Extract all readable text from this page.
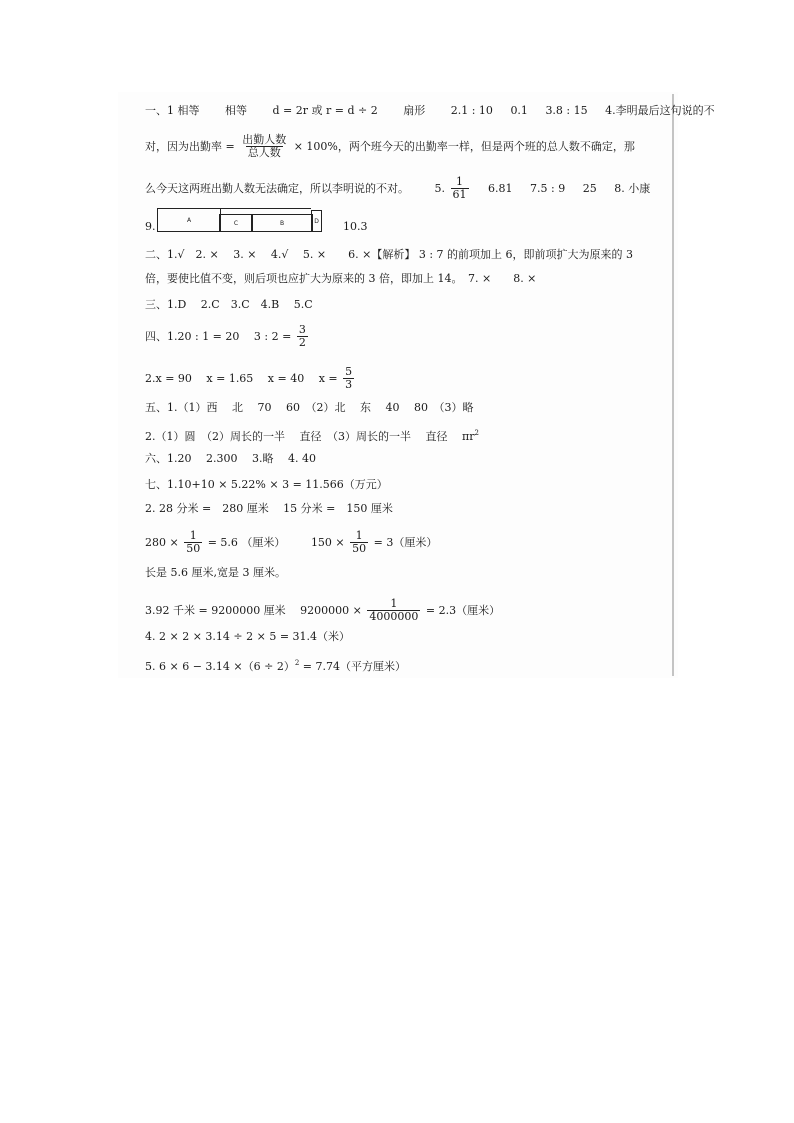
一、1 相等 相等 d = 2r 或 r = d ÷ 2 扇形 2.1 : 10 0.1 3.8 : 15 4.李明最后这句说的不
对，因为出勤率 = $\frac{\text{出勤人数}}{\text{总人数}} \times 100\%$，两个班今天的出勤率一样，但是两个班的总人数不确定，那
么今天这两班出勤人数无法确定，所以李明说的不对。 5. $\frac{1}{61} 6.81$ 7.5 : 9 25 8. 小康
9.	A	C	B	D 10.3
二、1.√　2. ×　 3. ×　 4.√　 5. ×　　6. ×【解析】 3 : 7 的前项加上 6，即前项扩大为原来的 3
倍，要使比值不变，则后项也应扩大为原来的 3 倍，即加上 14。　7. ×　　8. ×
三、1.D　 2.C　3.C　4.B　 5.C
四、1.20 : 1 = 20　 3 : $2 = \frac{3}{2}$
2.x = 90　 x = 1.65　 x = 40　 $x = \frac{5}{3}$
五、1.（1）西　 北　 70　 60　（2）北　 东　 40　 80　（3）略
2.（1）圆　（2）周长的一半　 直径　（3）周长的一半　 直径　 $\pi r^2$
六、1.20　 2.300　 3.略　 4. 40
七、1.10+10 × 5.22% × 3 = 11.566（万元）
2. 28 分米 =　280 厘米　 15 分米 =　150 厘米
$280 \times \frac{1}{50} = 5.6$ （厘米） $150 \times \frac{1}{50} = 3$（厘米）
长是 5.6 厘米,宽是 3 厘米。
3.92 千米 = 9200000 厘米　 $9200000 \times \frac{1}{4000000} = 2.3$（厘米）
4. 2 × 2 × 3.14 ÷ 2 × 5 = 31.4（米）
5. $6 \times 6 - 3.14 \times(6 \div 2)^2 = 7.74$（平方厘米）
